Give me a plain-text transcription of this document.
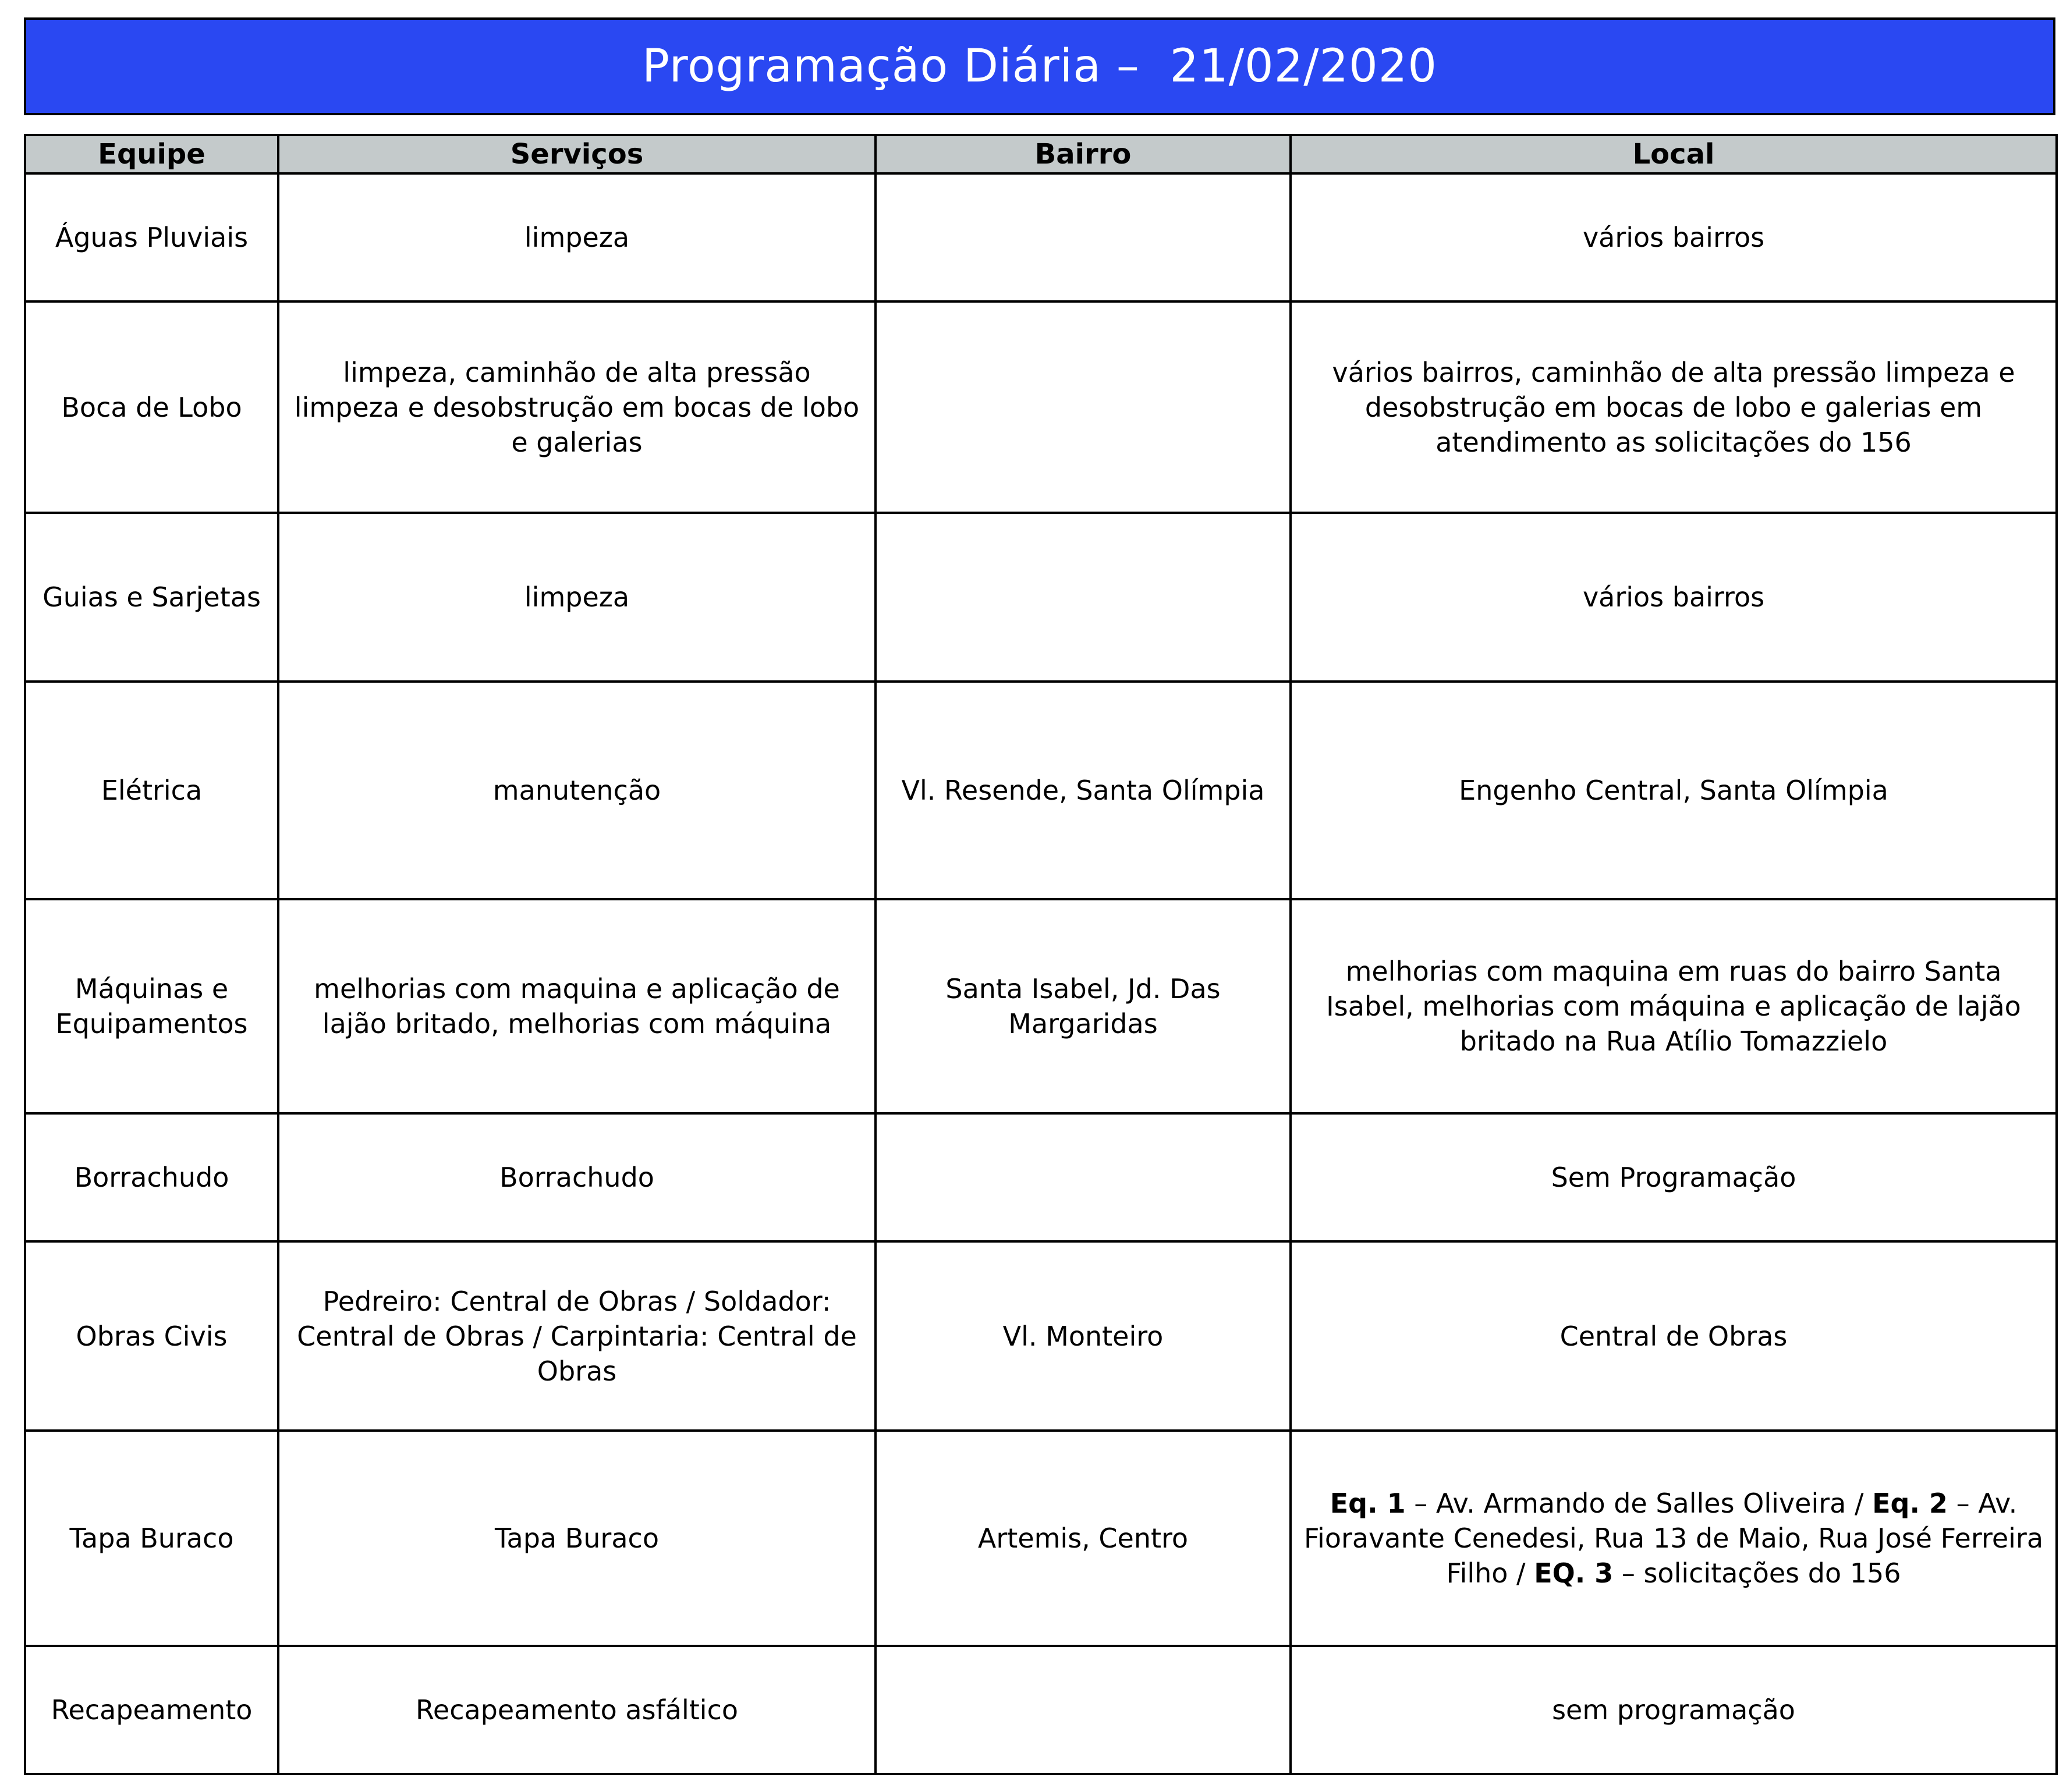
Programação Diária –  21/02/2020
Equipe	Serviços	Bairro	Local
Águas Pluviais	limpeza		vários bairros
Boca de Lobo	limpeza, caminhão de alta pressão limpeza e desobstrução em bocas de lobo e galerias		vários bairros, caminhão de alta pressão limpeza e desobstrução em bocas de lobo e galerias em atendimento as solicitações do 156
Guias e Sarjetas	limpeza		vários bairros
Elétrica	manutenção	Vl. Resende, Santa Olímpia	Engenho Central, Santa Olímpia
Máquinas e Equipamentos	melhorias com maquina e aplicação de lajão britado, melhorias com máquina	Santa Isabel, Jd. Das Margaridas	melhorias com maquina em ruas do bairro Santa Isabel, melhorias com máquina e aplicação de lajão britado na Rua Atílio Tomazzielo
Borrachudo	Borrachudo		Sem Programação
Obras Civis	Pedreiro: Central de Obras / Soldador: Central de Obras / Carpintaria: Central de Obras	Vl. Monteiro	Central de Obras
Tapa Buraco	Tapa Buraco	Artemis, Centro	Eq. 1 – Av. Armando de Salles Oliveira / Eq. 2 – Av. Fioravante Cenedesi, Rua 13 de Maio, Rua José Ferreira Filho / EQ. 3 – solicitações do 156
Recapeamento	Recapeamento asfáltico		sem programação
